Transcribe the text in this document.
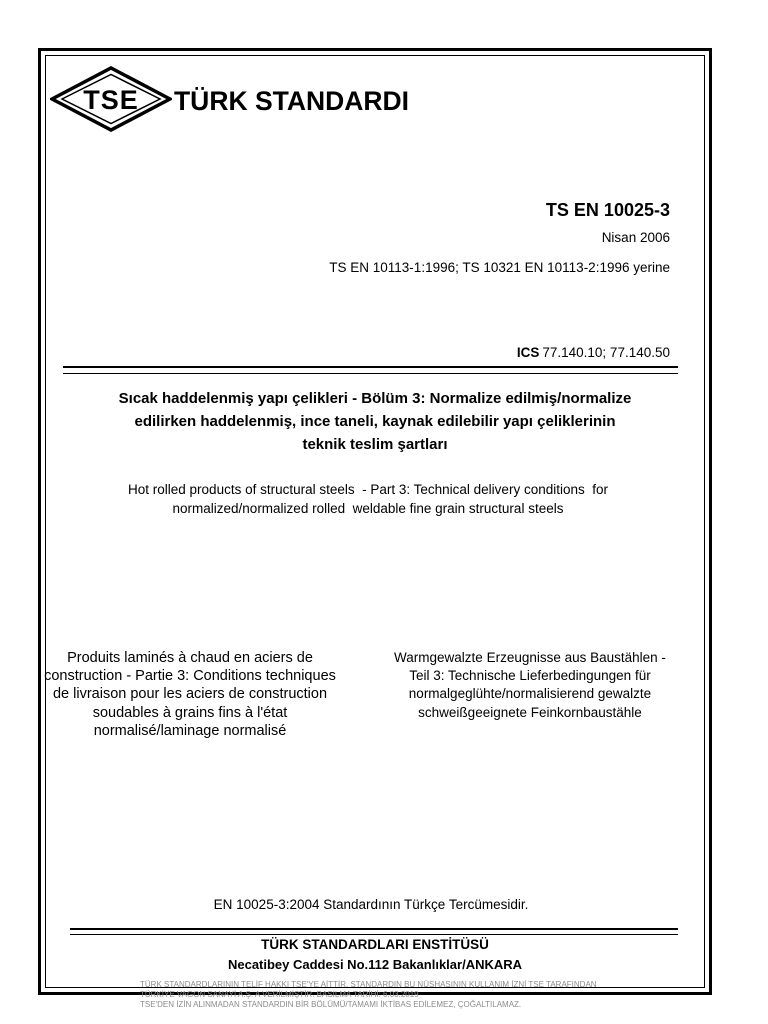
TSE TÜRK STANDARDI
TS EN 10025-3
Nisan 2006
TS EN 10113-1:1996; TS 10321 EN 10113-2:1996 yerine
ICS 77.140.10; 77.140.50
Sıcak haddelenmiş yapı çelikleri - Bölüm 3: Normalize edilmiş/normalize
edilirken haddelenmiş, ince taneli, kaynak edilebilir yapı çeliklerinin
teknik teslim şartları
Hot rolled products of structural steels  - Part 3: Technical delivery conditions  for
normalized/normalized rolled  weldable fine grain structural steels
Produits laminés à chaud en aciers de
construction - Partie 3: Conditions techniques
de livraison pour les aciers de construction
soudables à grains fins à l'état
normalisé/laminage normalisé
Warmgewalzte Erzeugnisse aus Baustählen -
Teil 3: Technische Lieferbedingungen für
normalgeglühte/normalisierend gewalzte
schweißgeeignete Feinkornbaustähle
EN 10025-3:2004 Standardının Türkçe Tercümesidir.
TÜRK STANDARDLARI ENSTİTÜSÜ
Necatibey Caddesi No.112 Bakanlıklar/ANKARA
TÜRK STANDARDLARININ TELİF HAKKI TSE'YE AİTTİR. STANDARDIN BU NÜSHASININ KULLANIM İZNİ TSE TARAFINDAN
TÜRKİYE VAGON SANAYİ A.Ş. A VERİLMİŞTİR. BASILMA TARİHİ: 6.03.2019
TSE'DEN İZİN ALINMADAN STANDARDIN BİR BÖLÜMÜ/TAMAMI İKTİBAS EDİLEMEZ, ÇOĞALTILAMAZ.
